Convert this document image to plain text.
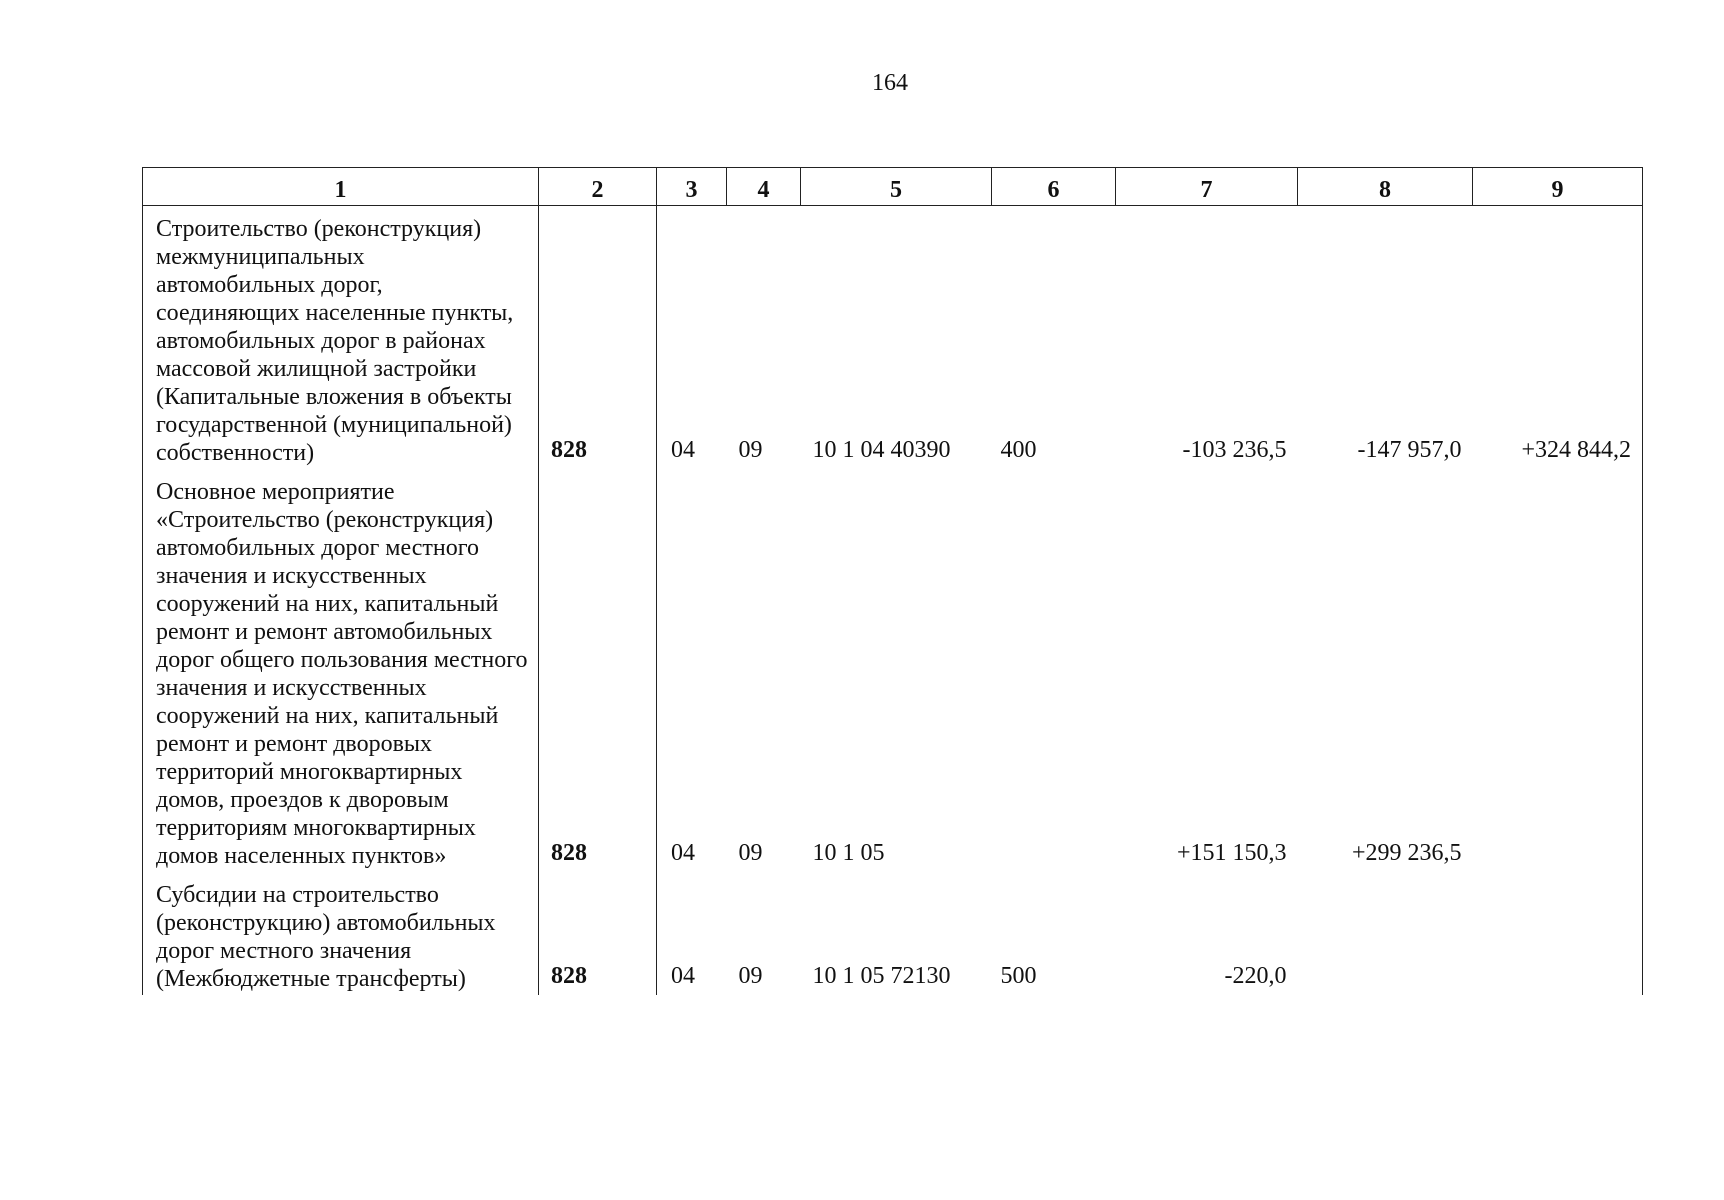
164
1	2	3	4	5	6	7	8	9
Строительство (реконструкция) межмуниципальных автомобильных дорог, соединяющих населенные пункты, автомобильных дорог в районах массовой жилищной застройки (Капитальные вложения в объекты государственной (муниципальной) собственности)	828	04	09	10 1 04 40390	400	-103 236,5	-147 957,0	+324 844,2
Основное мероприятие «Строительство (реконструкция) автомобильных дорог местного значения и искусственных сооружений на них, капитальный ремонт и ремонт автомобильных дорог общего пользования местного значения и искусственных сооружений на них, капитальный ремонт и ремонт дворовых территорий многоквартирных домов, проездов к дворовым территориям многоквартирных домов населенных пунктов»	828	04	09	10 1 05		+151 150,3	+299 236,5	
Субсидии на строительство (реконструкцию) автомобильных дорог местного значения (Межбюджетные трансферты)	828	04	09	10 1 05 72130	500	-220,0		
